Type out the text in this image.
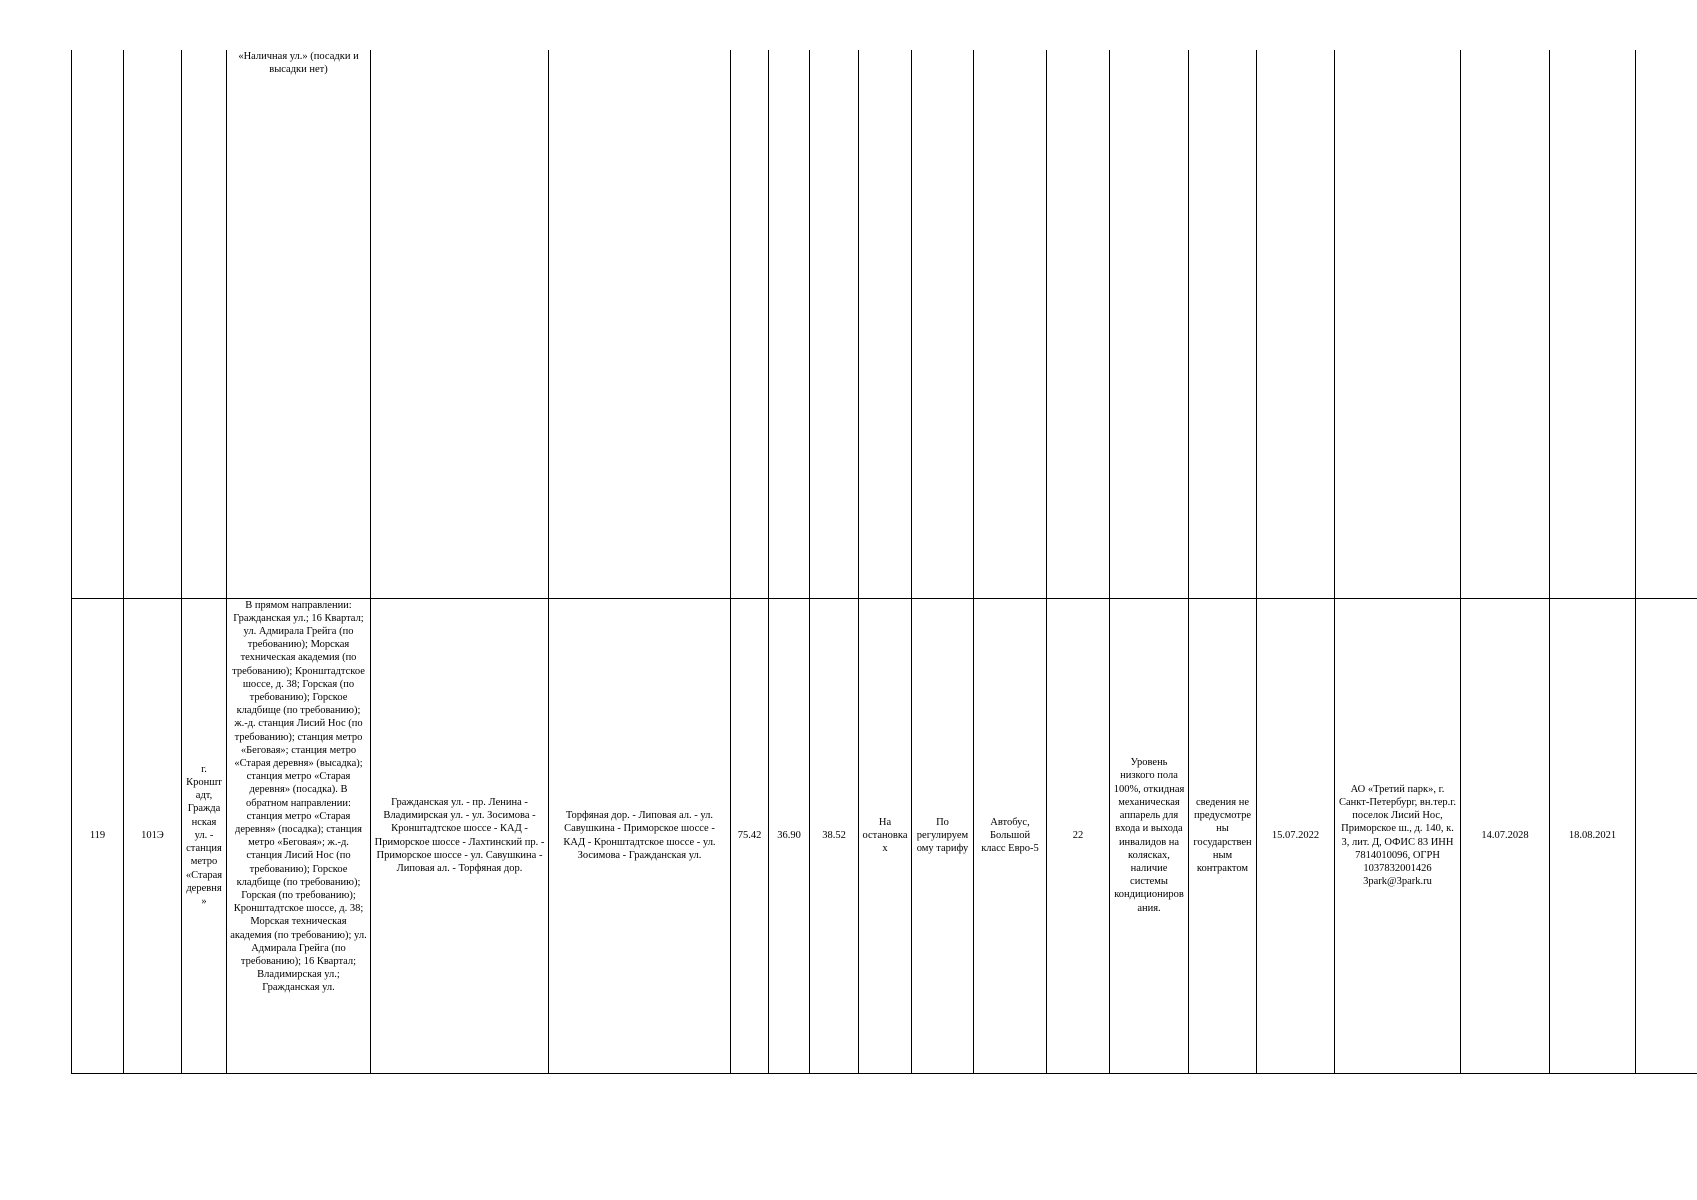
			«Наличная ул.» (посадки и высадки нет)																
119	101Э	г. Кронштадт, Гражданская ул. - станция метро «Старая деревня»	В прямом направлении: Гражданская ул.; 16 Квартал; ул. Адмирала Грейга (по требованию); Морская техническая академия (по требованию); Кронштадтское шоссе, д. 38; Горская (по требованию); Горское кладбище (по требованию); ж.-д. станция Лисий Нос (по требованию); станция метро «Беговая»; станция метро «Старая деревня» (высадка); станция метро «Старая деревня» (посадка). В обратном направлении: станция метро «Старая деревня» (посадка); станция метро «Беговая»; ж.-д. станция Лисий Нос (по требованию); Горское кладбище (по требованию); Горская (по требованию); Кронштадтское шоссе, д. 38; Морская техническая академия (по требованию); ул. Адмирала Грейга (по требованию); 16 Квартал; Владимирская ул.; Гражданская ул.	Гражданская ул. - пр. Ленина - Владимирская ул. - ул. Зосимова - Кронштадтское шоссе - КАД - Приморское шоссе - Лахтинский пр. - Приморское шоссе - ул. Савушкина - Липовая ал. - Торфяная дор.	Торфяная дор. - Липовая ал. - ул. Савушкина - Приморское шоссе - КАД - Кронштадтское шоссе - ул. Зосимова - Гражданская ул.	75.42	36.90	38.52	На остановках	По регулируемому тарифу	Автобус, Большой класс Евро-5	22	Уровень низкого пола 100%, откидная механическая аппарель для входа и выхода инвалидов на колясках, наличие системы кондиционирования.	сведения не предусмотрены государственным контрактом	15.07.2022	АО «Третий парк», г. Санкт-Петербург, вн.тер.г. поселок Лисий Нос, Приморское ш., д. 140, к. 3, лит. Д, ОФИС 83 ИНН 7814010096, ОГРН 1037832001426 3park@3park.ru	14.07.2028	18.08.2021	
